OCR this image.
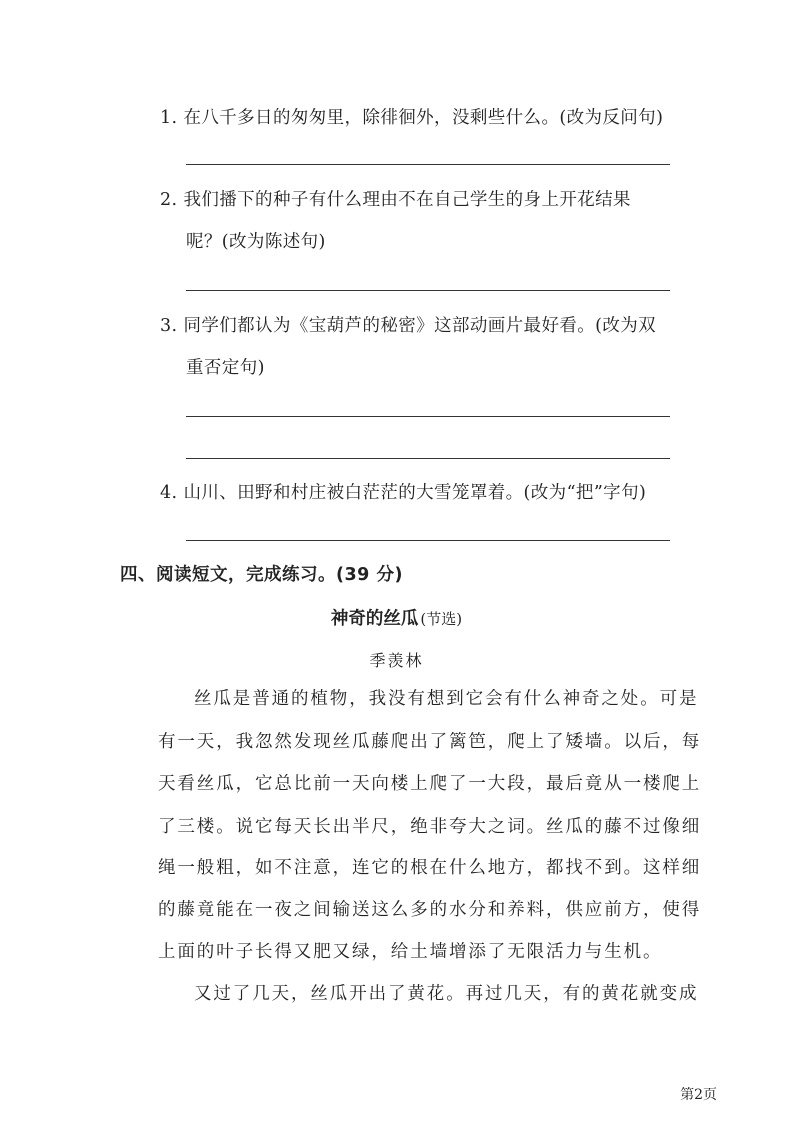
1. 在八千多日的匆匆里，除徘徊外，没剩些什么。(改为反问句)
2. 我们播下的种子有什么理由不在自己学生的身上开花结果
呢？(改为陈述句)
3. 同学们都认为《宝葫芦的秘密》这部动画片最好看。(改为双
重否定句)
4. 山川、田野和村庄被白茫茫的大雪笼罩着。(改为“把”字句)
四、阅读短文，完成练习。(39 分)
神奇的丝瓜 (节选)
季羡林
丝瓜是普通的植物，我没有想到它会有什么神奇之处。可是
有一天，我忽然发现丝瓜藤爬出了篱笆，爬上了矮墙。以后，每
天看丝瓜，它总比前一天向楼上爬了一大段，最后竟从一楼爬上
了三楼。说它每天长出半尺，绝非夸大之词。丝瓜的藤不过像细
绳一般粗，如不注意，连它的根在什么地方，都找不到。这样细
的藤竟能在一夜之间输送这么多的水分和养料，供应前方，使得
上面的叶子长得又肥又绿，给土墙增添了无限活力与生机。
又过了几天，丝瓜开出了黄花。再过几天，有的黄花就变成
第2页
